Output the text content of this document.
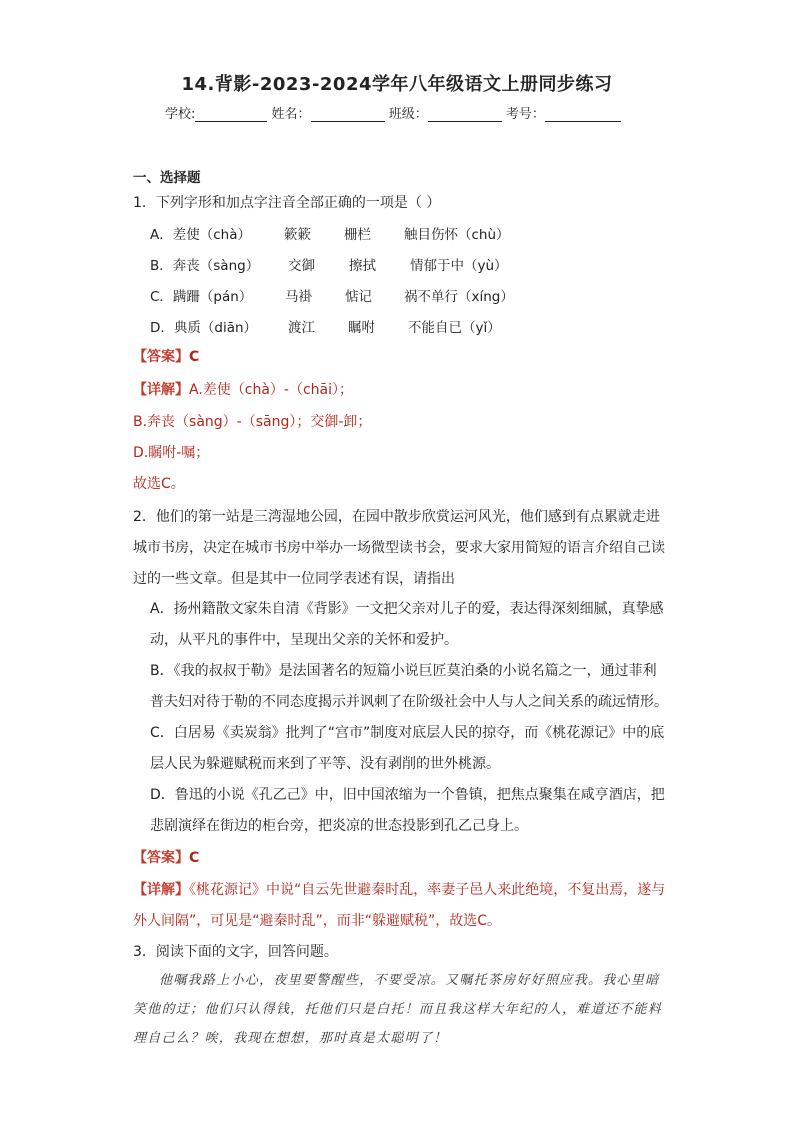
14.背影-2023-2024学年八年级语文上册同步练习
学校:	姓名：	班级：	考号：
一、选择题
1．下列字形和加点字注音全部正确的一项是（ ）
A．差使（chà） 簌簌 栅栏 触目伤怀（chù）
B．奔丧（sàng） 交御	擦拭	情郁于中（yù）
C．蹒跚（pán） 马褂 惦记 祸不单行（xíng）
D．典质（diān） 渡江 瞩咐 不能自已（yǐ）
【答案】C
【详解】A.差使（chà）-（chāi）；
B.奔丧（sàng）-（sāng）；交御-卸；
D.瞩咐-嘱；
故选C。
2．他们的第一站是三湾湿地公园，在园中散步欣赏运河风光，他们感到有点累就走进
城市书房，决定在城市书房中举办一场微型读书会，要求大家用简短的语言介绍自己读
过的一些文章。但是其中一位同学表述有误，请指出
A．扬州籍散文家朱自清《背影》一文把父亲对儿子的爱，表达得深刻细腻，真挚感
动，从平凡的事件中，呈现出父亲的关怀和爱护。
B．《我的叔叔于勒》是法国著名的短篇小说巨匠莫泊桑的小说名篇之一，通过菲利
普夫妇对待于勒的不同态度揭示并讽刺了在阶级社会中人与人之间关系的疏远情形。
C．白居易《卖炭翁》批判了“宫市”制度对底层人民的掠夺，而《桃花源记》中的底
层人民为躲避赋税而来到了平等、没有剥削的世外桃源。
D．鲁迅的小说《孔乙己》中，旧中国浓缩为一个鲁镇，把焦点聚集在咸亨酒店，把
悲剧演绎在街边的柜台旁，把炎凉的世态投影到孔乙己身上。
【答案】C
【详解】《桃花源记》中说“自云先世避秦时乱，率妻子邑人来此绝境，不复出焉，遂与
外人间隔”，可见是“避秦时乱”，而非“躲避赋税”，故选C。
3．阅读下面的文字，回答问题。

他嘱我路上小心，夜里要警醒些，不要受凉。又嘱托茶房好好照应我。我心里暗笑他的迂；他们只认得钱，托他们只是白托！而且我这样大年纪的人，难道还不能料理自己么？唉，我现在想想，那时真是太聪明了！
